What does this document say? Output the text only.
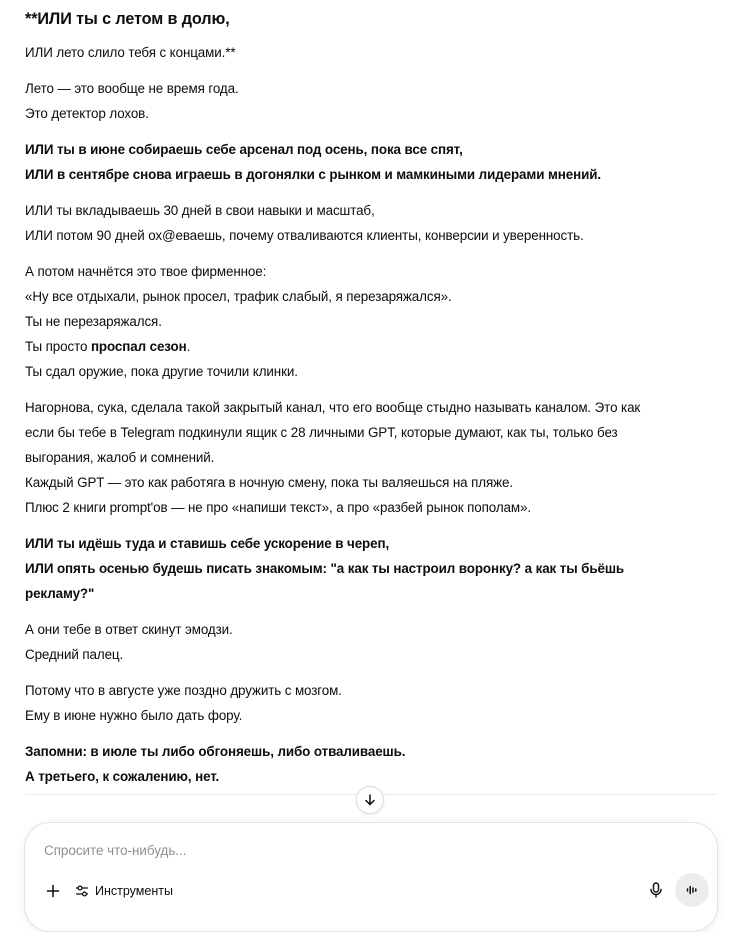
**ИЛИ ты с летом в долю,

ИЛИ лето слило тебя с концами.**

Лето — это вообще не время года.
Это детектор лохов.

ИЛИ ты в июне собираешь себе арсенал под осень, пока все спят,
ИЛИ в сентябре снова играешь в догонялки с рынком и мамкиными лидерами мнений.

ИЛИ ты вкладываешь 30 дней в свои навыки и масштаб,
ИЛИ потом 90 дней ох@еваешь, почему отваливаются клиенты, конверсии и уверенность.

А потом начнётся это твое фирменное:
«Ну все отдыхали, рынок просел, трафик слабый, я перезаряжался».
Ты не перезаряжался.
Ты просто проспал сезон.
Ты сдал оружие, пока другие точили клинки.

Нагорнова, сука, сделала такой закрытый канал, что его вообще стыдно называть каналом. Это как
если бы тебе в Telegram подкинули ящик с 28 личными GPT, которые думают, как ты, только без
выгорания, жалоб и сомнений.
Каждый GPT — это как работяга в ночную смену, пока ты валяешься на пляже.
Плюс 2 книги prompt'ов — не про «напиши текст», а про «разбей рынок пополам».

ИЛИ ты идёшь туда и ставишь себе ускорение в череп,
ИЛИ опять осенью будешь писать знакомым: "а как ты настроил воронку? а как ты бьёшь
рекламу?"

А они тебе в ответ скинут эмодзи.
Средний палец.

Потому что в августе уже поздно дружить с мозгом.
Ему в июне нужно было дать фору.

Запомни: в июле ты либо обгоняешь, либо отваливаешь.
А третьего, к сожалению, нет.

Спросите что-нибудь...
Инструменты
